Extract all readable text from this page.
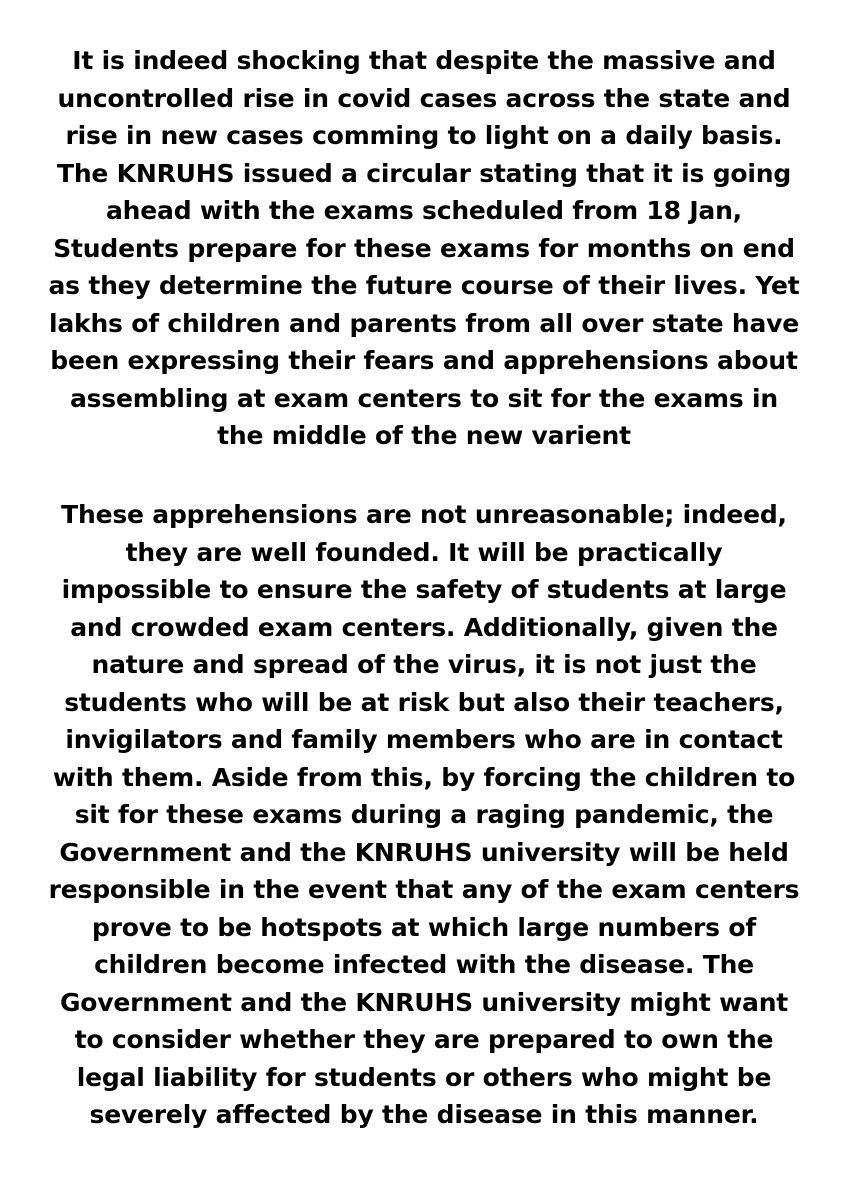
It is indeed shocking that despite the massive and
uncontrolled rise in covid cases across the state and
rise in new cases comming to light on a daily basis.
The KNRUHS issued a circular stating that it is going
ahead with the exams scheduled from 18 Jan,
Students prepare for these exams for months on end
as they determine the future course of their lives. Yet
lakhs of children and parents from all over state have
been expressing their fears and apprehensions about
assembling at exam centers to sit for the exams in
the middle of the new varient
These apprehensions are not unreasonable; indeed,
they are well founded. It will be practically
impossible to ensure the safety of students at large
and crowded exam centers. Additionally, given the
nature and spread of the virus, it is not just the
students who will be at risk but also their teachers,
invigilators and family members who are in contact
with them. Aside from this, by forcing the children to
sit for these exams during a raging pandemic, the
Government and the KNRUHS university will be held
responsible in the event that any of the exam centers
prove to be hotspots at which large numbers of
children become infected with the disease. The
Government and the KNRUHS university might want
to consider whether they are prepared to own the
legal liability for students or others who might be
severely affected by the disease in this manner.
